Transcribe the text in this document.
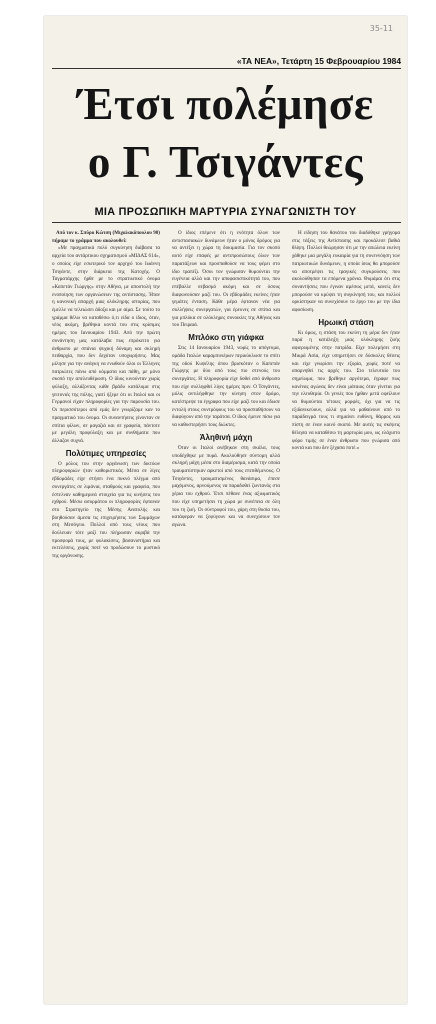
35-11
«ΤΑ ΝΕΑ», Τετάρτη 15 Φεβρουαρίου 1984
Έτσι πολέμησε
ο Γ. Τσιγάντες
ΜΙΑ ΠΡΟΣΩΠΙΚΗ ΜΑΡΤΥΡΙΑ ΣΥΝΑΓΩΝΙΣΤΗ ΤΟΥ

Από τον κ. Σπύρο Κώτση (Μιχαλακόπουλου 90) πήραμε το γράμμα που ακολουθεί:

«Με πραγματικά πολύ συγκίνηση διάβασα τα αρχεία του αντάρτικου σχηματισμού «ΜΙΔΑΣ 614», ο οποίος είχε εσωτερικό τον αρχηγό του Ιωάννη Τσιγάντε, στην διάρκεια της Κατοχής. Ο Ταγματάρχης ήρθε με το στρατιωτικό όνομα «Καπετάν Γιώργης» στην Αθήνα, με αποστολή την ενοποίηση των οργανώσεων της αντίστασης. Ήταν η κανονική απαρχή μιας ολόκληρης ιστορίας, που έμελλε να τελειώσει άδοξα και με αίμα. Σε τούτο το γράμμα θέλω να καταθέσω ό,τι είδα ο ίδιος, όταν, νέος ακόμη, βρέθηκα κοντά του στις κρίσιμες ημέρες του Ιανουαρίου 1943. Από την πρώτη συνάντηση μας κατάλαβα πως επρόκειτο για άνθρωπο με σπάνια ψυχική δύναμη και σκληρή πειθαρχία, που δεν δεχόταν υποχωρήσεις. Μας μίλησε για την ανάγκη να ενωθούν όλοι οι Έλληνες πατριώτες πάνω από κόμματα και πάθη, με μόνο σκοπό την απελευθέρωση. Ο ίδιος κινούνταν χωρίς φύλαξη, αλλάζοντας κάθε βράδυ κατάλυμα στις γειτονιές της πόλης, γιατί ήξερε ότι οι Ιταλοί και οι Γερμανοί είχαν πληροφορίες για την παρουσία του. Οι περισσότεροι από εμάς δεν γνωρίζαμε καν το πραγματικό του όνομα. Οι συναντήσεις γίνονταν σε σπίτια φίλων, σε μαγαζιά και σε γραφεία, πάντοτε με μεγάλη προφύλαξη και με συνθήματα που άλλαζαν συχνά.

Πολύτιμες υπηρεσίες

Ο ρόλος του στην οργάνωση των δικτύων πληροφοριών ήταν καθοριστικός. Μέσα σε λίγες εβδομάδες είχε στήσει ένα πυκνό πλέγμα από συνεργάτες σε λιμάνια, σταθμούς και γραφεία, που έστελναν καθημερινά στοιχεία για τις κινήσεις του εχθρού. Μέσω ασυρμάτου οι πληροφορίες έφταναν στο Στρατηγείο της Μέσης Ανατολής και βοηθούσαν άμεσα τις επιχειρήσεις των Συμμάχων στη Μεσόγειο. Πολλοί από τους νέους που δούλευαν τότε μαζί του πλήρωσαν ακριβά την προσφορά τους, με φυλακίσεις, βασανιστήρια και εκτελέσεις, χωρίς ποτέ να προδώσουν το μυστικό της οργάνωσης.

Ο ίδιος επέμενε ότι η ενότητα όλων των αντιστασιακών δυνάμεων ήταν ο μόνος δρόμος για να αντέξει η χώρα τη δοκιμασία. Για τον σκοπό αυτό είχε επαφές με αντιπροσώπους όλων των παρατάξεων και προσπαθούσε να τους φέρει στο ίδιο τραπέζι. Όσοι τον γνώρισαν θυμούνται την ευγένεια αλλά και την αποφασιστικότητά του, που επέβαλλε σεβασμό ακόμη και σε όσους διαφωνούσαν μαζί του. Οι εβδομάδες εκείνες ήταν γεμάτες ένταση. Κάθε μέρα έφταναν νέα για συλλήψεις συνεργατών, για έρευνες σε σπίτια και για μπλόκα σε ολόκληρες συνοικίες της Αθήνας και του Πειραιά.

Μπλόκο στη γιάφκα

Στις 14 Ιανουαρίου 1943, νωρίς το απόγευμα, ομάδα Ιταλών καραμπινιέρων περικύκλωσε το σπίτι της οδού Κυψέλης όπου βρισκόταν ο Καπετάν Γιώργης με δύο από τους πιο στενούς του συνεργάτες. Η πληροφορία είχε δοθεί από άνθρωπο που είχε συλληφθεί λίγες ημέρες πριν. Ο Τσιγάντες, μόλις αντιλήφθηκε την κίνηση στον δρόμο, κατέστρεψε τα έγγραφα που είχε μαζί του και έδωσε εντολή στους συντρόφους του να προσπαθήσουν να διαφύγουν από την ταράτσα. Ο ίδιος έμεινε πίσω για να καθυστερήσει τους διώκτες.

Άληθινή μάχη

Όταν οι Ιταλοί ανέβηκαν στη σκάλα, τους υποδέχθηκε με πυρά. Ακολούθησε σύντομη αλλά σκληρή μάχη μέσα στο διαμέρισμα, κατά την οποία τραυματίστηκαν αρκετοί από τους επιτιθέμενους. Ο Τσιγάντες, τραυματισμένος θανάσιμα, έπεσε μαχόμενος, αρνούμενος να παραδοθεί ζωντανός στα χέρια του εχθρού. Έτσι πέθανε ένας αξιωματικός που είχε υπηρετήσει τη χώρα με συνέπεια σε όλη του τη ζωή. Οι σύντροφοί του, χάρη στη θυσία του, κατάφεραν να ξεφύγουν και να συνεχίσουν τον αγώνα.

Η είδηση του θανάτου του διαδόθηκε γρήγορα στις τάξεις της Αντίστασης και προκάλεσε βαθιά θλίψη. Πολλοί θεώρησαν ότι με την απώλεια εκείνη χάθηκε μια μεγάλη ευκαιρία για τη συνεννόηση των πατριωτικών δυνάμεων, η οποία ίσως θα μπορούσε να αποτρέψει τις τραγικές συγκρούσεις που ακολούθησαν τα επόμενα χρόνια. Θυμάμαι ότι στις συναντήσεις που έγιναν αμέσως μετά, κανείς δεν μπορούσε να κρύψει τη συγκίνησή του, και πολλοί ορκίστηκαν να συνεχίσουν το έργο του με την ίδια αφοσίωση.

Ηρωική στάση

Κι όμως, η στάση του εκείνη τη μέρα δεν ήταν παρά η κατάληξη μιας ολόκληρης ζωής αφιερωμένης στην πατρίδα. Είχε πολεμήσει στη Μικρά Ασία, είχε υπηρετήσει σε δύσκολες θέσεις και είχε γνωρίσει την εξορία, χωρίς ποτέ να απαρνηθεί τις αρχές του. Στο τελευταίο του σημείωμα, που βρέθηκε αργότερα, έγραφε πως κανένας αγώνας δεν είναι μάταιος όταν γίνεται για την ελευθερία. Οι γενιές που ήρθαν μετά οφείλουν να θυμούνται τέτοιες μορφές, όχι για να τις εξιδανικεύουν, αλλά για να μαθαίνουν από το παράδειγμά τους τι σημαίνει ευθύνη, θάρρος και πίστη σε έναν κοινό σκοπό. Με αυτές τις σκέψεις θέλησα να καταθέσω τη μαρτυρία μου, ως ελάχιστο φόρο τιμής σε έναν άνθρωπο που γνώρισα από κοντά και που δεν ξέχασα ποτέ.»
